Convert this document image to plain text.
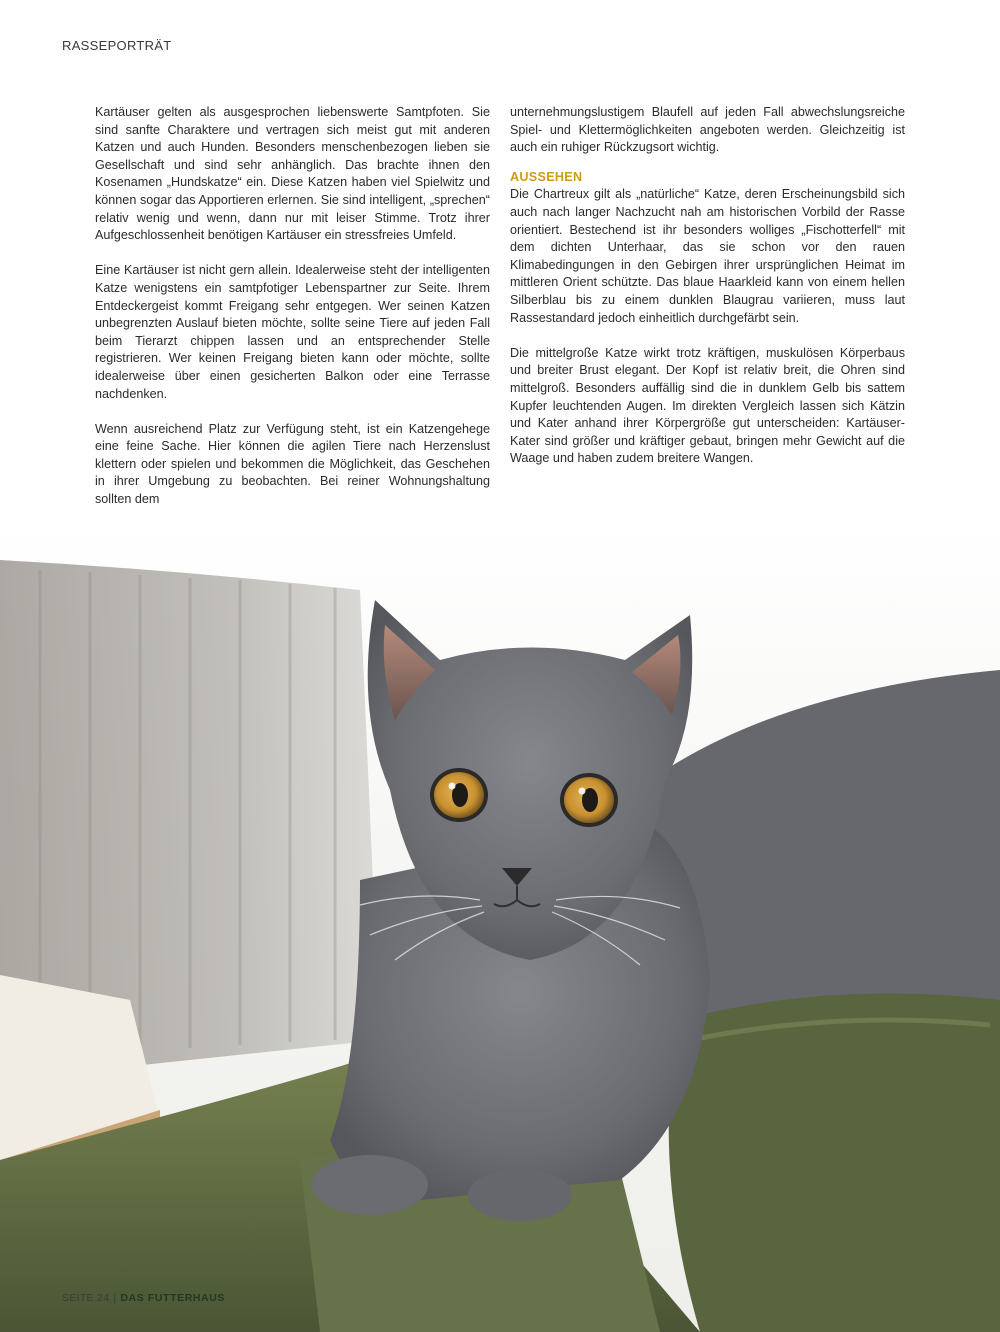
RASSEPORTRÄT

Kartäuser gelten als ausgesprochen liebenswerte Samtpfoten. Sie sind sanfte Charaktere und vertragen sich meist gut mit anderen Katzen und auch Hunden. Besonders menschenbezogen lieben sie Gesellschaft und sind sehr anhänglich. Das brachte ihnen den Kosenamen „Hundskatze“ ein. Diese Katzen haben viel Spielwitz und können sogar das Apportieren erlernen. Sie sind intelligent, „sprechen“ relativ wenig und wenn, dann nur mit leiser Stimme. Trotz ihrer Aufgeschlossenheit benötigen Kartäuser ein stressfreies Umfeld.

Eine Kartäuser ist nicht gern allein. Idealerweise steht der intelligenten Katze wenigstens ein samtpfotiger Lebenspartner zur Seite. Ihrem Entdeckergeist kommt Freigang sehr entgegen. Wer seinen Katzen unbegrenzten Auslauf bieten möchte, sollte seine Tiere auf jeden Fall beim Tierarzt chippen lassen und an entsprechender Stelle registrieren. Wer keinen Freigang bieten kann oder möchte, sollte idealerweise über einen gesicherten Balkon oder eine Terrasse nachdenken.

Wenn ausreichend Platz zur Verfügung steht, ist ein Katzengehege eine feine Sache. Hier können die agilen Tiere nach Herzenslust klettern oder spielen und bekommen die Möglichkeit, das Geschehen in ihrer Umgebung zu beobachten. Bei reiner Wohnungshaltung sollten dem

unternehmungslustigem Blaufell auf jeden Fall abwechslungsreiche Spiel- und Klettermöglichkeiten angeboten werden. Gleichzeitig ist auch ein ruhiger Rückzugsort wichtig.

AUSSEHEN

Die Chartreux gilt als „natürliche“ Katze, deren Erscheinungsbild sich auch nach langer Nachzucht nah am historischen Vorbild der Rasse orientiert. Bestechend ist ihr besonders wolliges „Fischotterfell“ mit dem dichten Unterhaar, das sie schon vor den rauen Klimabedingungen in den Gebirgen ihrer ursprünglichen Heimat im mittleren Orient schützte. Das blaue Haarkleid kann von einem hellen Silberblau bis zu einem dunklen Blaugrau variieren, muss laut Rassestandard jedoch einheitlich durchgefärbt sein.

Die mittelgroße Katze wirkt trotz kräftigen, muskulösen Körperbaus und breiter Brust elegant. Der Kopf ist relativ breit, die Ohren sind mittelgroß. Besonders auffällig sind die in dunklem Gelb bis sattem Kupfer leuchtenden Augen. Im direkten Vergleich lassen sich Kätzin und Kater anhand ihrer Körpergröße gut unterscheiden: Kartäuser-Kater sind größer und kräftiger gebaut, bringen mehr Gewicht auf die Waage und haben zudem breitere Wangen.

SEITE 24 | DAS FUTTERHAUS
